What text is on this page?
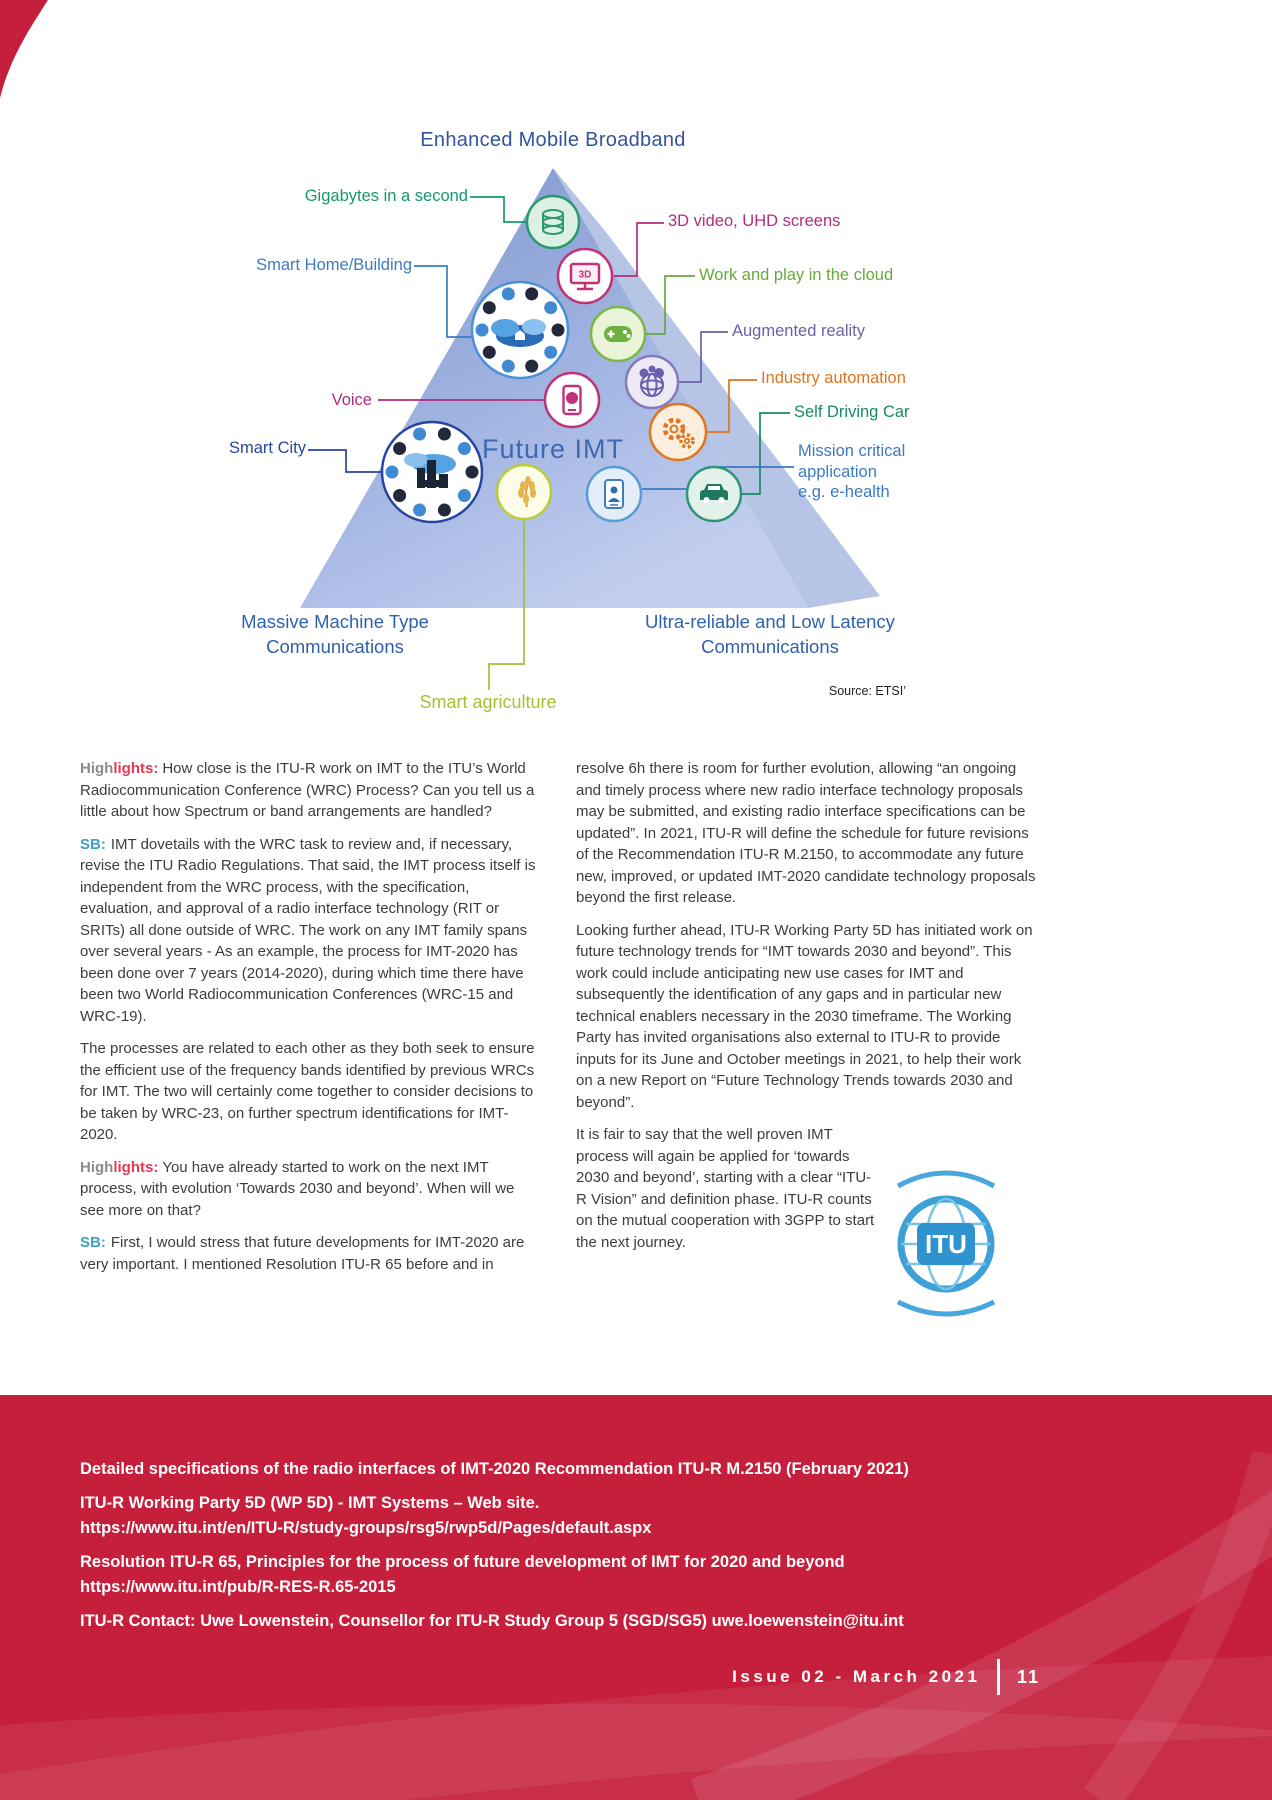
3D
Enhanced Mobile Broadband
Gigabytes in a second
3D video, UHD screens
Smart Home/Building
Work and play in the cloud
Augmented reality
Industry automation
Self Driving Car
Voice
Smart City	Mission critical
application
e.g. e-health
Future IMT
Massive Machine Type Communications
Ultra-reliable and Low Latency Communications
Smart agriculture
Source: ETSI’

Highlights: How close is the ITU-R work on IMT to the ITU’s World Radiocommunication Conference (WRC) Process? Can you tell us a little about how Spectrum or band arrangements are handled?

SB: IMT dovetails with the WRC task to review and, if necessary, revise the ITU Radio Regulations. That said, the IMT process itself is independent from the WRC process, with the specification, evaluation, and approval of a radio interface technology (RIT or SRITs) all done outside of WRC. The work on any IMT family spans over several years - As an example, the process for IMT-2020 has been done over 7 years (2014-2020), during which time there have been two World Radiocommunication Conferences (WRC-15 and WRC-19).

The processes are related to each other as they both seek to ensure the efficient use of the frequency bands identified by previous WRCs for IMT. The two will certainly come together to consider decisions to be taken by WRC-23, on further spectrum identifications for IMT-2020.

Highlights: You have already started to work on the next IMT process, with evolution ‘Towards 2030 and beyond’. When will we see more on that?

SB: First, I would stress that future developments for IMT-2020 are very important. I mentioned Resolution ITU-R 65 before and in

resolve 6h there is room for further evolution, allowing “an ongoing and timely process where new radio interface technology proposals may be submitted, and existing radio interface specifications can be updated”. In 2021, ITU-R will define the schedule for future revisions of the Recommendation ITU-R M.2150, to accommodate any future new, improved, or updated IMT-2020 candidate technology proposals beyond the first release.

Looking further ahead, ITU-R Working Party 5D has initiated work on future technology trends for “IMT towards 2030 and beyond”. This work could include anticipating new use cases for IMT and subsequently the identification of any gaps and in particular new technical enablers necessary in the 2030 timeframe. The Working Party has invited organisations also external to ITU-R to provide inputs for its June and October meetings in 2021, to help their work on a new Report on “Future Technology Trends towards 2030 and beyond”.

It is fair to say that the well proven IMT process will again be applied for ‘towards 2030 and beyond’, starting with a clear “ITU-R Vision” and definition phase. ITU-R counts on the mutual cooperation with 3GPP to start the next journey.	ITU
Detailed specifications of the radio interfaces of IMT-2020 Recommendation ITU-R M.2150 (February 2021)
ITU-R Working Party 5D (WP 5D) - IMT Systems – Web site.
https://www.itu.int/en/ITU-R/study-groups/rsg5/rwp5d/Pages/default.aspx
Resolution ITU-R 65, Principles for the process of future development of IMT for 2020 and beyond
https://www.itu.int/pub/R-RES-R.65-2015
ITU-R Contact: Uwe Lowenstein, Counsellor for ITU-R Study Group 5 (SGD/SG5) uwe.loewenstein@itu.int
Issue 02 - March 2021 11
